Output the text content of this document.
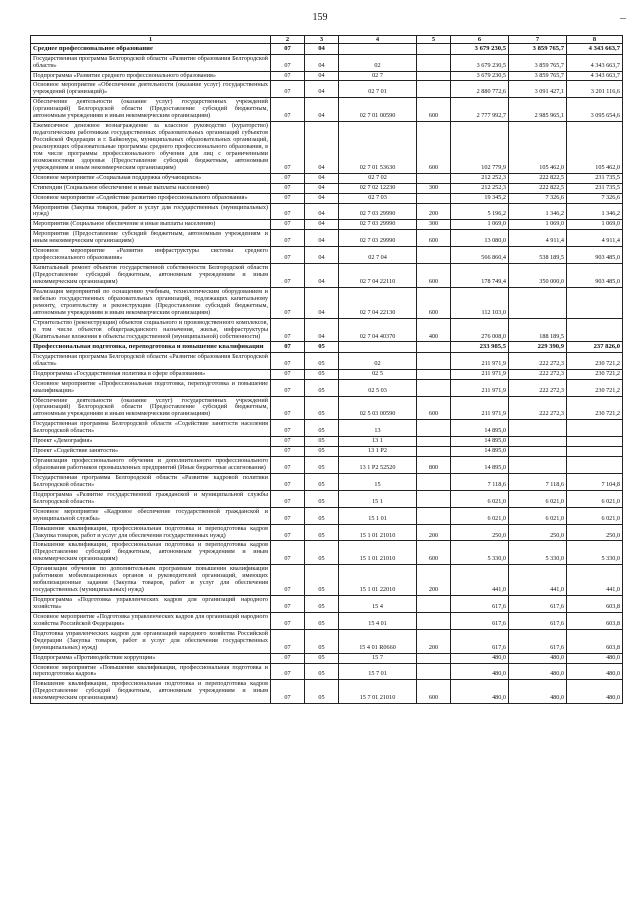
159
1	2	3	4	5	6	7	8
Среднее профессиональное образование	07	04			3 679 230,5	3 859 765,7	4 343 663,7
Государственная программа Белгородской области «Развитие образования Белгородской области»	07	04	02		3 679 230,5	3 859 765,7	4 343 663,7
Подпрограмма «Развитие среднего профессионального образования»	07	04	02 7		3 679 230,5	3 859 765,7	4 343 663,7
Основное мероприятие «Обеспечение деятельности (оказание услуг) государственных учреждений (организаций)»	07	04	02 7 01		2 880 772,6	3 091 427,1	3 201 116,6
Обеспечение деятельности (оказание услуг) государственных учреждений (организаций) Белгородской области (Предоставление субсидий бюджетным, автономным учреждениям и иным некоммерческим организациям)	07	04	02 7 01 00590	600	2 777 992,7	2 985 965,1	3 095 654,6
Ежемесячное денежное вознаграждение за классное руководство (кураторство) педагогическим работникам государственных образовательных организаций субъектов Российской Федерации и г. Байконура, муниципальных образовательных организаций, реализующих образовательные программы среднего профессионального образования, в том числе программы профессионального обучения для лиц с ограниченными возможностями здоровья (Предоставление субсидий бюджетным, автономным учреждениям и иным некоммерческим организациям)	07	04	02 7 01 53630	600	102 779,9	105 462,0	105 462,0
Основное мероприятие «Социальная поддержка обучающихся»	07	04	02 7 02		212 252,3	222 822,5	231 735,5
Стипендии (Социальное обеспечение и иные выплаты населению)	07	04	02 7 02 12230	300	212 252,3	222 822,5	231 735,5
Основное мероприятие «Содействие развитию профессионального образования»	07	04	02 7 03		19 345,2	7 326,6	7 326,6
Мероприятия (Закупка товаров, работ и услуг для государственных (муниципальных) нужд)	07	04	02 7 03 29990	200	5 196,2	1 346,2	1 346,2
Мероприятия (Социальное обеспечение и иные выплаты населению)	07	04	02 7 03 29990	300	1 069,0	1 069,0	1 069,0
Мероприятия (Предоставление субсидий бюджетным, автономным учреждениям и иным некоммерческим организациям)	07	04	02 7 03 29990	600	13 080,0	4 911,4	4 911,4
Основное мероприятие «Развитие инфраструктуры системы среднего профессионального образования»	07	04	02 7 04		566 860,4	538 189,5	903 485,0
Капитальный ремонт объектов государственной собственности Белгородской области (Предоставление субсидий бюджетным, автономным учреждениям и иным некоммерческим организациям)	07	04	02 7 04 22110	600	178 749,4	350 000,0	903 485,0
Реализация мероприятий по оснащению учебным, технологическим оборудованием и мебелью государственных образовательных организаций, подлежащих капитальному ремонту, строительству и реконструкции (Предоставление субсидий бюджетным, автономным учреждениям и иным некоммерческим организациям)	07	04	02 7 04 22130	600	112 103,0		
Строительство (реконструкция) объектов социального и производственного комплексов, в том числе объектов общегражданского назначения, жилья, инфраструктуры (Капитальные вложения в объекты государственной (муниципальной) собственности)	07	04	02 7 04 40370	400	276 008,0	188 189,5	
Профессиональная подготовка, переподготовка и повышение квалификации	07	05			233 985,5	229 390,9	237 826,0
Государственная программа Белгородской области «Развитие образования Белгородской области»	07	05	02		211 971,9	222 272,3	230 721,2
Подпрограмма «Государственная политика в сфере образования»	07	05	02 5		211 971,9	222 272,3	230 721,2
Основное мероприятие «Профессиональная подготовка, переподготовка и повышение квалификации»	07	05	02 5 03		211 971,9	222 272,3	230 721,2
Обеспечение деятельности (оказание услуг) государственных учреждений (организаций) Белгородской области (Предоставление субсидий бюджетным, автономным учреждениям и иным некоммерческим организациям)	07	05	02 5 03 00590	600	211 971,9	222 272,3	230 721,2
Государственная программа Белгородской области «Содействие занятости населения Белгородской области»	07	05	13		14 895,0		
Проект «Демография»	07	05	13 1		14 895,0		
Проект «Содействие занятости»	07	05	13 1 P2		14 895,0		
Организация профессионального обучения и дополнительного профессионального образования работников промышленных предприятий (Иные бюджетные ассигнования)	07	05	13 1 P2 52520	800	14 895,0		
Государственная программа Белгородской области «Развитие кадровой политики Белгородской области»	07	05	15		7 118,6	7 118,6	7 104,8
Подпрограмма «Развитие государственной гражданской и муниципальной службы Белгородской области»	07	05	15 1		6 021,0	6 021,0	6 021,0
Основное мероприятие «Кадровое обеспечение государственной гражданской и муниципальной службы»	07	05	15 1 01		6 021,0	6 021,0	6 021,0
Повышение квалификации, профессиональная подготовка и переподготовка кадров (Закупка товаров, работ и услуг для обеспечения государственных нужд)	07	05	15 1 01 21010	200	250,0	250,0	250,0
Повышение квалификации, профессиональная подготовка и переподготовка кадров (Предоставление субсидий бюджетным, автономным учреждениям и иным некоммерческим организациям)	07	05	15 1 01 21010	600	5 330,0	5 330,0	5 330,0
Организация обучения по дополнительным программам повышения квалификации работников мобилизационных органов и руководителей организаций, имеющих мобилизационные задания (Закупка товаров, работ и услуг для обеспечения государственных (муниципальных) нужд)	07	05	15 1 01 22010	200	441,0	441,0	441,0
Подпрограмма «Подготовка управленческих кадров для организаций народного хозяйства»	07	05	15 4		617,6	617,6	603,8
Основное мероприятие «Подготовка управленческих кадров для организаций народного хозяйства Российской Федерации»	07	05	15 4 01		617,6	617,6	603,8
Подготовка управленческих кадров для организаций народного хозяйства Российской Федерации (Закупка товаров, работ и услуг для обеспечения государственных (муниципальных) нужд)	07	05	15 4 01 R0660	200	617,6	617,6	603,8
Подпрограмма «Противодействие коррупции»	07	05	15 7		480,0	480,0	480,0
Основное мероприятие «Повышение квалификации, профессиональная подготовка и переподготовка кадров»	07	05	15 7 01		480,0	480,0	480,0
Повышение квалификации, профессиональная подготовка и переподготовка кадров (Предоставление субсидий бюджетным, автономным учреждениям и иным некоммерческим организациям)	07	05	15 7 01 21010	600	480,0	480,0	480,0
